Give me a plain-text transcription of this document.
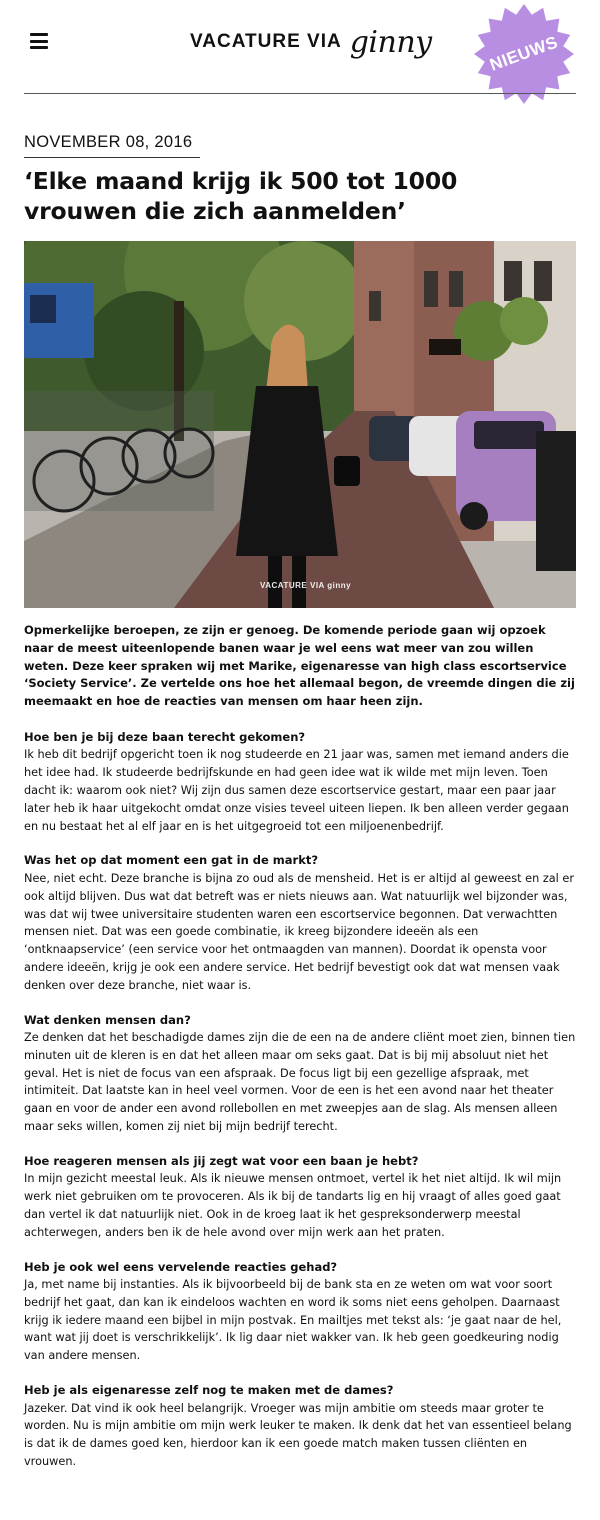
VACATURE VIA ginny	NIEUWS
NOVEMBER 08, 2016
‘Elke maand krijg ik 500 tot 1000 vrouwen die zich aanmelden’
VACATURE VIA ginny

Opmerkelijke beroepen, ze zijn er genoeg. De komende periode gaan wij opzoek naar de meest uiteenlopende banen waar je wel eens wat meer van zou willen weten. Deze keer spraken wij met Marike, eigenaresse van high class escortservice ‘Society Service’. Ze vertelde ons hoe het allemaal begon, de vreemde dingen die zij meemaakt en hoe de reacties van mensen om haar heen zijn.

Hoe ben je bij deze baan terecht gekomen?

Ik heb dit bedrijf opgericht toen ik nog studeerde en 21 jaar was, samen met iemand anders die het idee had. Ik studeerde bedrijfskunde en had geen idee wat ik wilde met mijn leven. Toen dacht ik: waarom ook niet? Wij zijn dus samen deze escortservice gestart, maar een paar jaar later heb ik haar uitgekocht omdat onze visies teveel uiteen liepen. Ik ben alleen verder gegaan en nu bestaat het al elf jaar en is het uitgegroeid tot een miljoenenbedrijf.

Was het op dat moment een gat in de markt?

Nee, niet echt. Deze branche is bijna zo oud als de mensheid. Het is er altijd al geweest en zal er ook altijd blijven. Dus wat dat betreft was er niets nieuws aan. Wat natuurlijk wel bijzonder was, was dat wij twee universitaire studenten waren een escortservice begonnen. Dat verwachtten mensen niet. Dat was een goede combinatie, ik kreeg bijzondere ideeën als een ‘ontknaapservice’ (een service voor het ontmaagden van mannen). Doordat ik opensta voor andere ideeën, krijg je ook een andere service. Het bedrijf bevestigt ook dat wat mensen vaak denken over deze branche, niet waar is.

Wat denken mensen dan?

Ze denken dat het beschadigde dames zijn die de een na de andere cliënt moet zien, binnen tien minuten uit de kleren is en dat het alleen maar om seks gaat. Dat is bij mij absoluut niet het geval. Het is niet de focus van een afspraak. De focus ligt bij een gezellige afspraak, met intimiteit. Dat laatste kan in heel veel vormen. Voor de een is het een avond naar het theater gaan en voor de ander een avond rollebollen en met zweepjes aan de slag. Als mensen alleen maar seks willen, komen zij niet bij mijn bedrijf terecht.

Hoe reageren mensen als jij zegt wat voor een baan je hebt?

In mijn gezicht meestal leuk. Als ik nieuwe mensen ontmoet, vertel ik het niet altijd. Ik wil mijn werk niet gebruiken om te provoceren. Als ik bij de tandarts lig en hij vraagt of alles goed gaat dan vertel ik dat natuurlijk niet. Ook in de kroeg laat ik het gespreksonderwerp meestal achterwegen, anders ben ik de hele avond over mijn werk aan het praten.

Heb je ook wel eens vervelende reacties gehad?

Ja, met name bij instanties. Als ik bijvoorbeeld bij de bank sta en ze weten om wat voor soort bedrijf het gaat, dan kan ik eindeloos wachten en word ik soms niet eens geholpen. Daarnaast krijg ik iedere maand een bijbel in mijn postvak. En mailtjes met tekst als: ‘je gaat naar de hel, want wat jij doet is verschrikkelijk’. Ik lig daar niet wakker van. Ik heb geen goedkeuring nodig van andere mensen.

Heb je als eigenaresse zelf nog te maken met de dames?

Jazeker. Dat vind ik ook heel belangrijk. Vroeger was mijn ambitie om steeds maar groter te worden. Nu is mijn ambitie om mijn werk leuker te maken. Ik denk dat het van essentieel belang is dat ik de dames goed ken, hierdoor kan ik een goede match maken tussen cliënten en vrouwen.
